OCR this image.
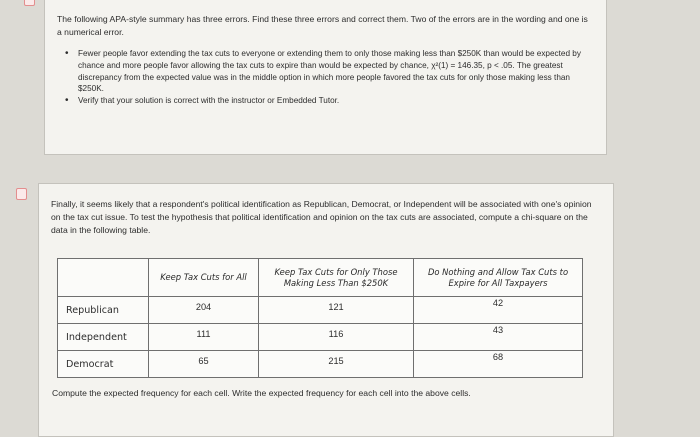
The following APA-style summary has three errors. Find these three errors and correct them. Two of the errors are in the wording and one is a numerical error.

• Fewer people favor extending the tax cuts to everyone or extending them to only those making less than $250K than would be expected by chance and more people favor allowing the tax cuts to expire than would be expected by chance, χ²(1) = 146.35, p < .05. The greatest discrepancy from the expected value was in the middle option in which more people favored the tax cuts for only those making less than $250K.
• Verify that your solution is correct with the instructor or Embedded Tutor.

Finally, it seems likely that a respondent's political identification as Republican, Democrat, or Independent will be associated with one's opinion on the tax cut issue. To test the hypothesis that political identification and opinion on the tax cuts are associated, compute a chi-square on the data in the following table.

	Keep Tax Cuts for All	Keep Tax Cuts for Only Those Making Less Than $250K	Do Nothing and Allow Tax Cuts to Expire for All Taxpayers
Republican	204	121	42

Independent	111	116	43

Democrat	65	215	68

Compute the expected frequency for each cell. Write the expected frequency for each cell into the above cells.
